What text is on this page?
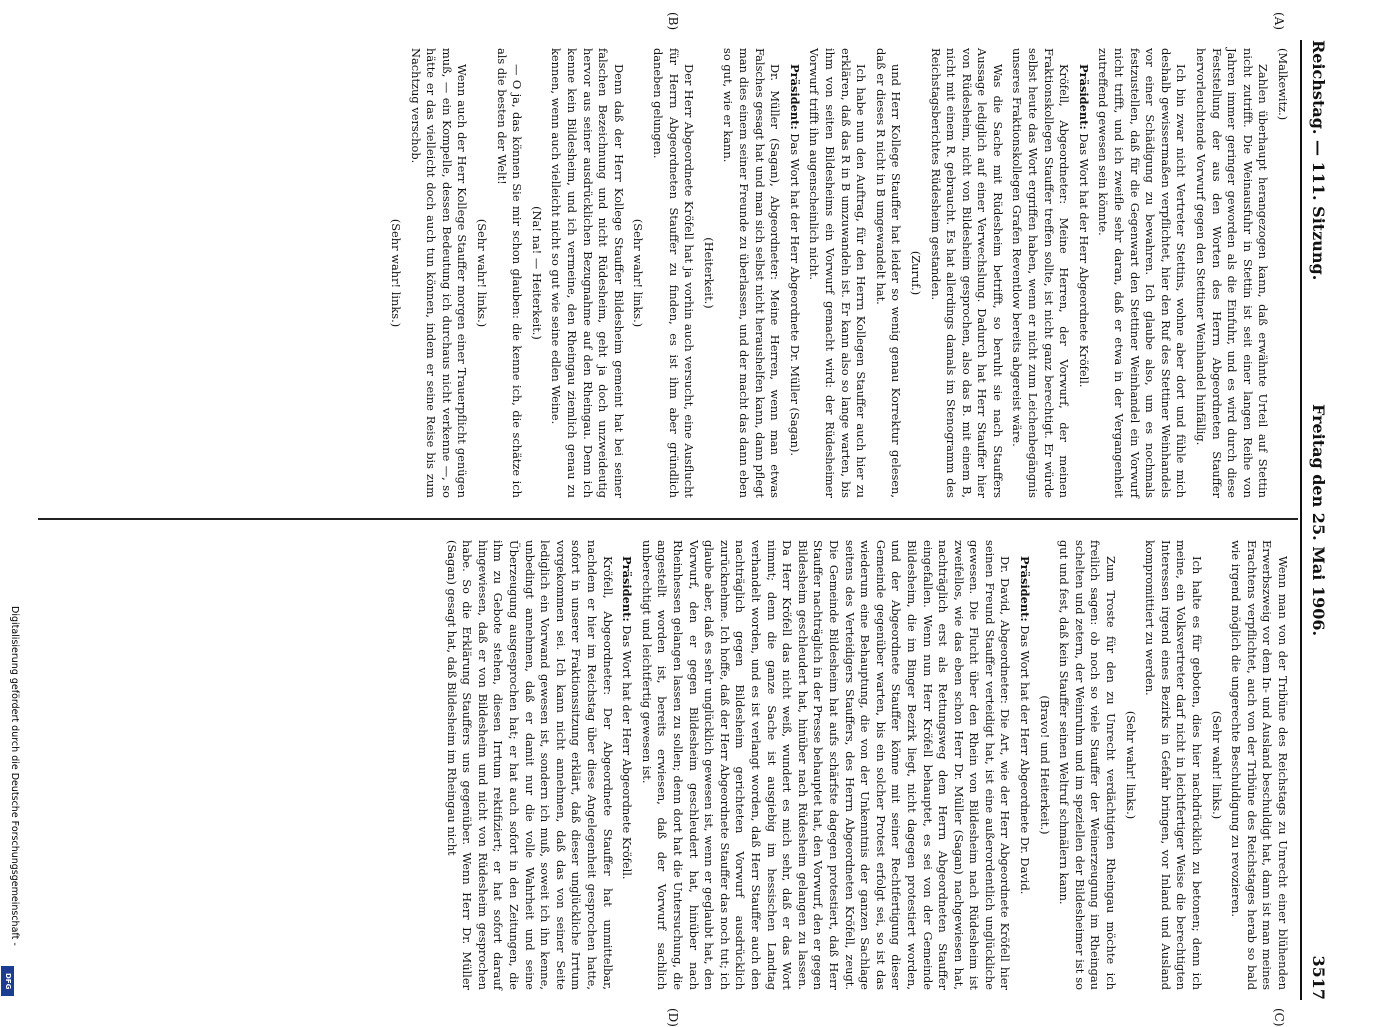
Reichstag. — 111. Sitzung.
Freitag den 25. Mai 1906.
3517
(A)
(B)
(C)
(D)

(Malkewitz.)

Zahlen überhaupt herangezogen kann, daß erwähnte Urteil auf Stettin nicht zutrifft. Die Weinausfuhr in Stettin ist seit einer langen Reihe von Jahren immer geringer geworden als die Einfuhr, und es wird durch diese Feststellung der aus den Worten des Herrn Abgeordneten Stauffer hervorleuchtende Vorwurf gegen den Stettiner Weinhandel hinfällig.

Ich bin zwar nicht Vertreter Stettins, wohne aber dort und fühle mich deshalb gewissermaßen verpflichtet, hier den Ruf des Stettiner Weinhandels vor einer Schädigung zu bewahren. Ich glaube also, um es nochmals festzustellen, daß für die Gegenwart den Stettiner Weinhandel ein Vorwurf nicht trifft, und ich zweifle sehr daran, daß er etwa in der Vergangenheit zutreffend gewesen sein könnte.

Präsident: Das Wort hat der Herr Abgeordnete Kröfell.

Kröfell, Abgeordneter: Meine Herren, der Vorwurf, der meinen Fraktionskollegen Stauffer treffen sollte, ist nicht ganz berechtigt. Er würde selbst heute das Wort ergriffen haben, wenn er nicht zum Leichenbegängnis unseres Fraktionskollegen Grafen Reventlow bereits abgereist wäre.

Was die Sache mit Rüdesheim betrifft, so beruht sie nach Stauffers Aussage lediglich auf einer Verwechslung. Dadurch hat Herr Stauffer hier von Rüdesheim, nicht von Bildesheim gesprochen, also das B. mit einem B, nicht mit einem R. gebraucht. Es hat allerdings damals im Stenogramm des Reichstagsberichtes Rüdesheim gestanden.

(Zuruf.)

und Herr Kollege Stauffer hat leider so wenig genau Korrektur gelesen, daß er dieses R nicht in B umgewandelt hat.

Ich habe nun den Auftrag, für den Herrn Kollegen Stauffer auch hier zu erklären, daß das R in B umzuwandeln ist. Er kann also so lange warten, bis ihm von seiten Bildesheims ein Vorwurf gemacht wird: der Rüdesheimer Vorwurf trifft ihn augenscheinlich nicht.

Präsident: Das Wort hat der Herr Abgeordnete Dr. Müller (Sagan).

Dr. Müller (Sagan), Abgeordneter: Meine Herren, wenn man etwas Falsches gesagt hat und man sich selbst nicht heraushelfen kann, dann pflegt man dies einem seiner Freunde zu überlassen, und der macht das dann eben so gut, wie er kann.

(Heiterkeit.)

Der Herr Abgeordnete Kröfell hat ja vorhin auch versucht, eine Ausflucht für Herrn Abgeordneten Stauffer zu finden, es ist ihm aber gründlich daneben gelungen.

(Sehr wahr! links.)

Denn daß der Herr Kollege Stauffer Bildesheim gemeint hat bei seiner falschen Bezeichnung und nicht Rüdesheim, geht ja doch unzweideutig hervor aus seiner ausdrücklichen Bezugnahme auf den Rheingau. Denn ich kenne kein Bildesheim, und ich vermeine, den Rheingau ziemlich genau zu kennen, wenn auch vielleicht nicht so gut wie seine edlen Weine.

(Na! na! — Heiterkeit.)

— O ja, das können Sie mir schon glauben: die kenne ich, die schätze ich als die besten der Welt!

(Sehr wahr! links.)

Wenn auch der Herr Kollege Stauffer morgen einer Trauerpflicht genügen muß, — ein Kompelle, dessen Bedeutung ich durchaus nicht verkenne —, so hätte er das vielleicht doch auch tun können, indem er seine Reise bis zum Nachtzug verschob.

(Sehr wahr! links.)

Wenn man von der Tribüne des Reichstags zu Unrecht einer blühenden Erwerbszweig vor dem In- und Ausland beschuldigt hat, dann ist man meines Erachtens verpflichtet, auch von der Tribüne des Reichstages herab so bald wie irgend möglich die ungerechte Beschuldigung zu revozieren.

(Sehr wahr! links.)

Ich halte es für geboten, dies hier nachdrücklich zu betonen; denn ich meine, ein Volksvertreter darf nicht in leichtfertiger Weise die berechtigten Interessen irgend eines Bezirks in Gefahr bringen, vor Inland und Ausland kompromittiert zu werden.

(Sehr wahr! links.)

Zum Troste für den zu Unrecht verdächtigten Rheingau möchte ich freilich sagen: ob noch so viele Stauffer der Weinerzeugung im Rheingau schelten und zetern, der Weinruhm und im speziellen der Bildesheimer ist so gut und fest, daß kein Stauffer seinen Weltruf schmälern kann.

(Bravo! und Heiterkeit.)

Präsident: Das Wort hat der Herr Abgeordnete Dr. David.

Dr. David, Abgeordneter: Die Art, wie der Herr Abgeordnete Kröfell hier seinen Freund Stauffer verteidigt hat, ist eine außerordentlich unglückliche gewesen. Die Flucht über den Rhein von Bildesheim nach Rüdesheim ist zweifellos, wie das eben schon Herr Dr. Müller (Sagan) nachgewiesen hat, nachträglich erst als Rettungsweg dem Herrn Abgeordneten Stauffer eingefallen. Wenn nun Herr Kröfell behauptet, es sei von der Gemeinde Bildesheim, die im Binger Bezirk liegt, nicht dagegen protestiert worden, und der Abgeordnete Stauffer könne mit seiner Rechtfertigung dieser Gemeinde gegenüber warten, bis ein solcher Protest erfolgt sei, so ist das wiederum eine Behauptung, die von der Unkenntnis der ganzen Sachlage seitens des Verteidigers Stauffers, des Herrn Abgeordneten Kröfell, zeugt. Die Gemeinde Bildesheim hat aufs schärfste dagegen protestiert, daß Herr Stauffer nachträglich in der Presse behauptet hat, den Vorwurf, den er gegen Bildesheim geschleudert hat, hinüber nach Rüdesheim gelangen zu lassen. Da Herr Kröfell das nicht weiß, wundert es mich sehr, daß er das Wort nimmt; denn die ganze Sache ist ausgiebig im hessischen Landtag verhandelt worden, und es ist verlangt worden, daß Herr Stauffer auch den nachträglich gegen Bildesheim gerichteten Vorwurf ausdrücklich zurücknehme. Ich hoffe, daß der Herr Abgeordnete Stauffer das noch tut; ich glaube aber, daß es sehr unglücklich gewesen ist, wenn er geglaubt hat, den Vorwurf, den er gegen Bildesheim geschleudert hat, hinüber nach Rheinhessen gelangen lassen zu sollen; denn dort hat die Untersuchung, die angestellt worden ist, bereits erwiesen, daß der Vorwurf sachlich unberechtigt und leichtfertig gewesen ist.

Präsident: Das Wort hat der Herr Abgeordnete Kröfell.

Kröfell, Abgeordneter: Der Abgeordnete Stauffer hat unmittelbar, nachdem er hier im Reichstag über diese Angelegenheit gesprochen hatte, sofort in unserer Fraktionssitzung erklärt, daß dieser unglückliche Irrtum vorgekommen sei. Ich kann nicht annehmen, daß das von seiner Seite lediglich ein Vorwand gewesen ist, sondern ich muß, soweit ich ihn kenne, unbedingt annehmen, daß er damit nur die volle Wahrheit und seine Überzeugung ausgesprochen hat; er hat auch sofort in den Zeitungen, die ihm zu Gebote stehen, diesen Irrtum rektifiziert; er hat sofort darauf hingewiesen, daß er von Bildesheim und nicht von Rüdesheim gesprochen habe. So die Erklärung Stauffers uns gegenüber. Wenn Herr Dr. Müller (Sagan) gesagt hat, daß Bildesheim im Rheingau nicht

Digitalisierung gefördert durch die Deutsche Forschungsgemeinschaft -
DFG
